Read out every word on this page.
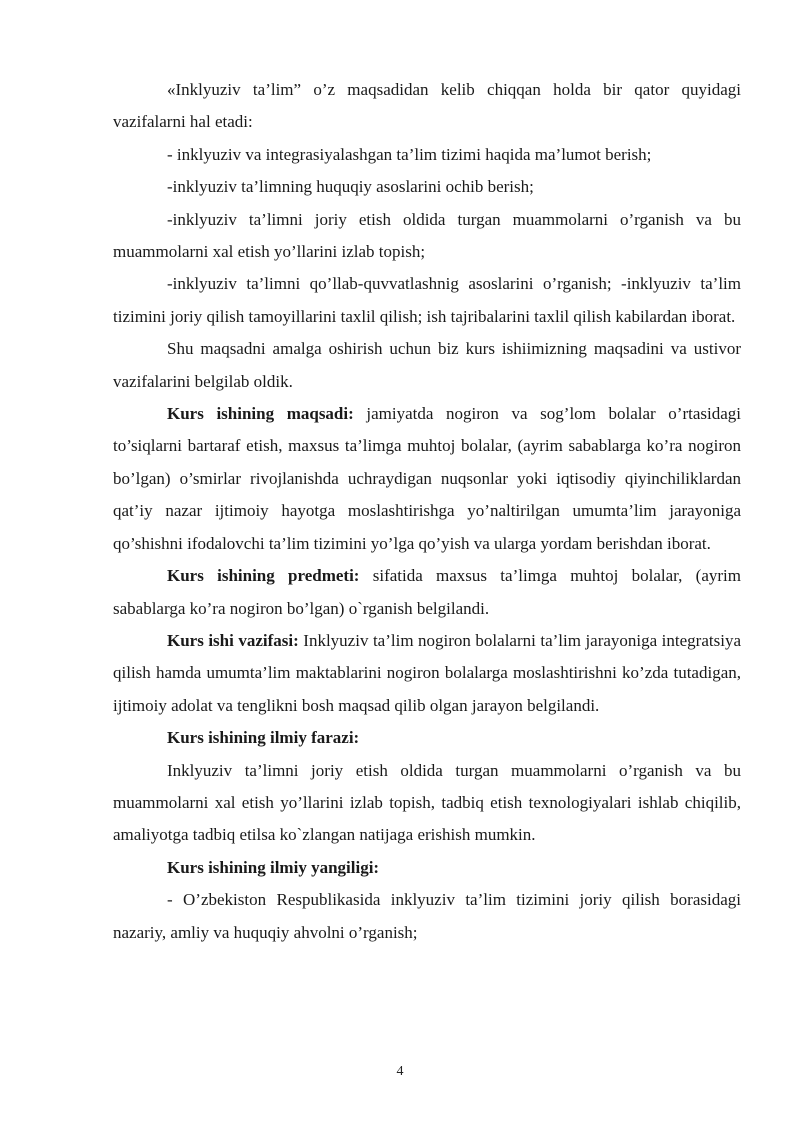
«Inklyuziv ta’lim” o’z maqsadidan kelib chiqqan holda bir qator quyidagi vazifalarni hal etadi:

- inklyuziv va integrasiyalashgan ta’lim tizimi haqida ma’lumot berish;

-inklyuziv ta’limning huquqiy asoslarini ochib berish;

-inklyuziv ta’limni joriy etish oldida turgan muammolarni o’rganish va bu muammolarni xal etish yo’llarini izlab topish;

-inklyuziv ta’limni qo’llab-quvvatlashnig asoslarini o’rganish; -inklyuziv ta’lim tizimini joriy qilish tamoyillarini taxlil qilish; ish tajribalarini taxlil qilish kabilardan iborat.

Shu maqsadni amalga oshirish uchun biz kurs ishiimizning maqsadini va ustivor vazifalarini belgilab oldik.

Kurs ishining maqsadi: jamiyatda nogiron va sog’lom bolalar o’rtasidagi to’siqlarni bartaraf etish, maxsus ta’limga muhtoj bolalar, (ayrim sabablarga ko’ra nogiron bo’lgan) o’smirlar rivojlanishda uchraydigan nuqsonlar yoki iqtisodiy qiyinchiliklardan qat’iy nazar ijtimoiy hayotga moslashtirishga yo’naltirilgan umumta’lim jarayoniga qo’shishni ifodalovchi ta’lim tizimini yo’lga qo’yish va ularga yordam berishdan iborat.

Kurs ishining predmeti: sifatida maxsus ta’limga muhtoj bolalar, (ayrim sabablarga ko’ra nogiron bo’lgan) o`rganish belgilandi.

Kurs ishi vazifasi: Inklyuziv ta’lim nogiron bolalarni ta’lim jarayoniga integratsiya qilish hamda umumta’lim maktablarini nogiron bolalarga moslashtirishni ko’zda tutadigan, ijtimoiy adolat va tenglikni bosh maqsad qilib olgan jarayon belgilandi.

Kurs ishining ilmiy farazi:

Inklyuziv ta’limni joriy etish oldida turgan muammolarni o’rganish va bu muammolarni xal etish yo’llarini izlab topish, tadbiq etish texnologiyalari ishlab chiqilib, amaliyotga tadbiq etilsa ko`zlangan natijaga erishish mumkin.

Kurs ishining ilmiy yangiligi:

- O’zbekiston Respublikasida inklyuziv ta’lim tizimini joriy qilish borasidagi nazariy, amliy va huquqiy ahvolni o’rganish;

4
